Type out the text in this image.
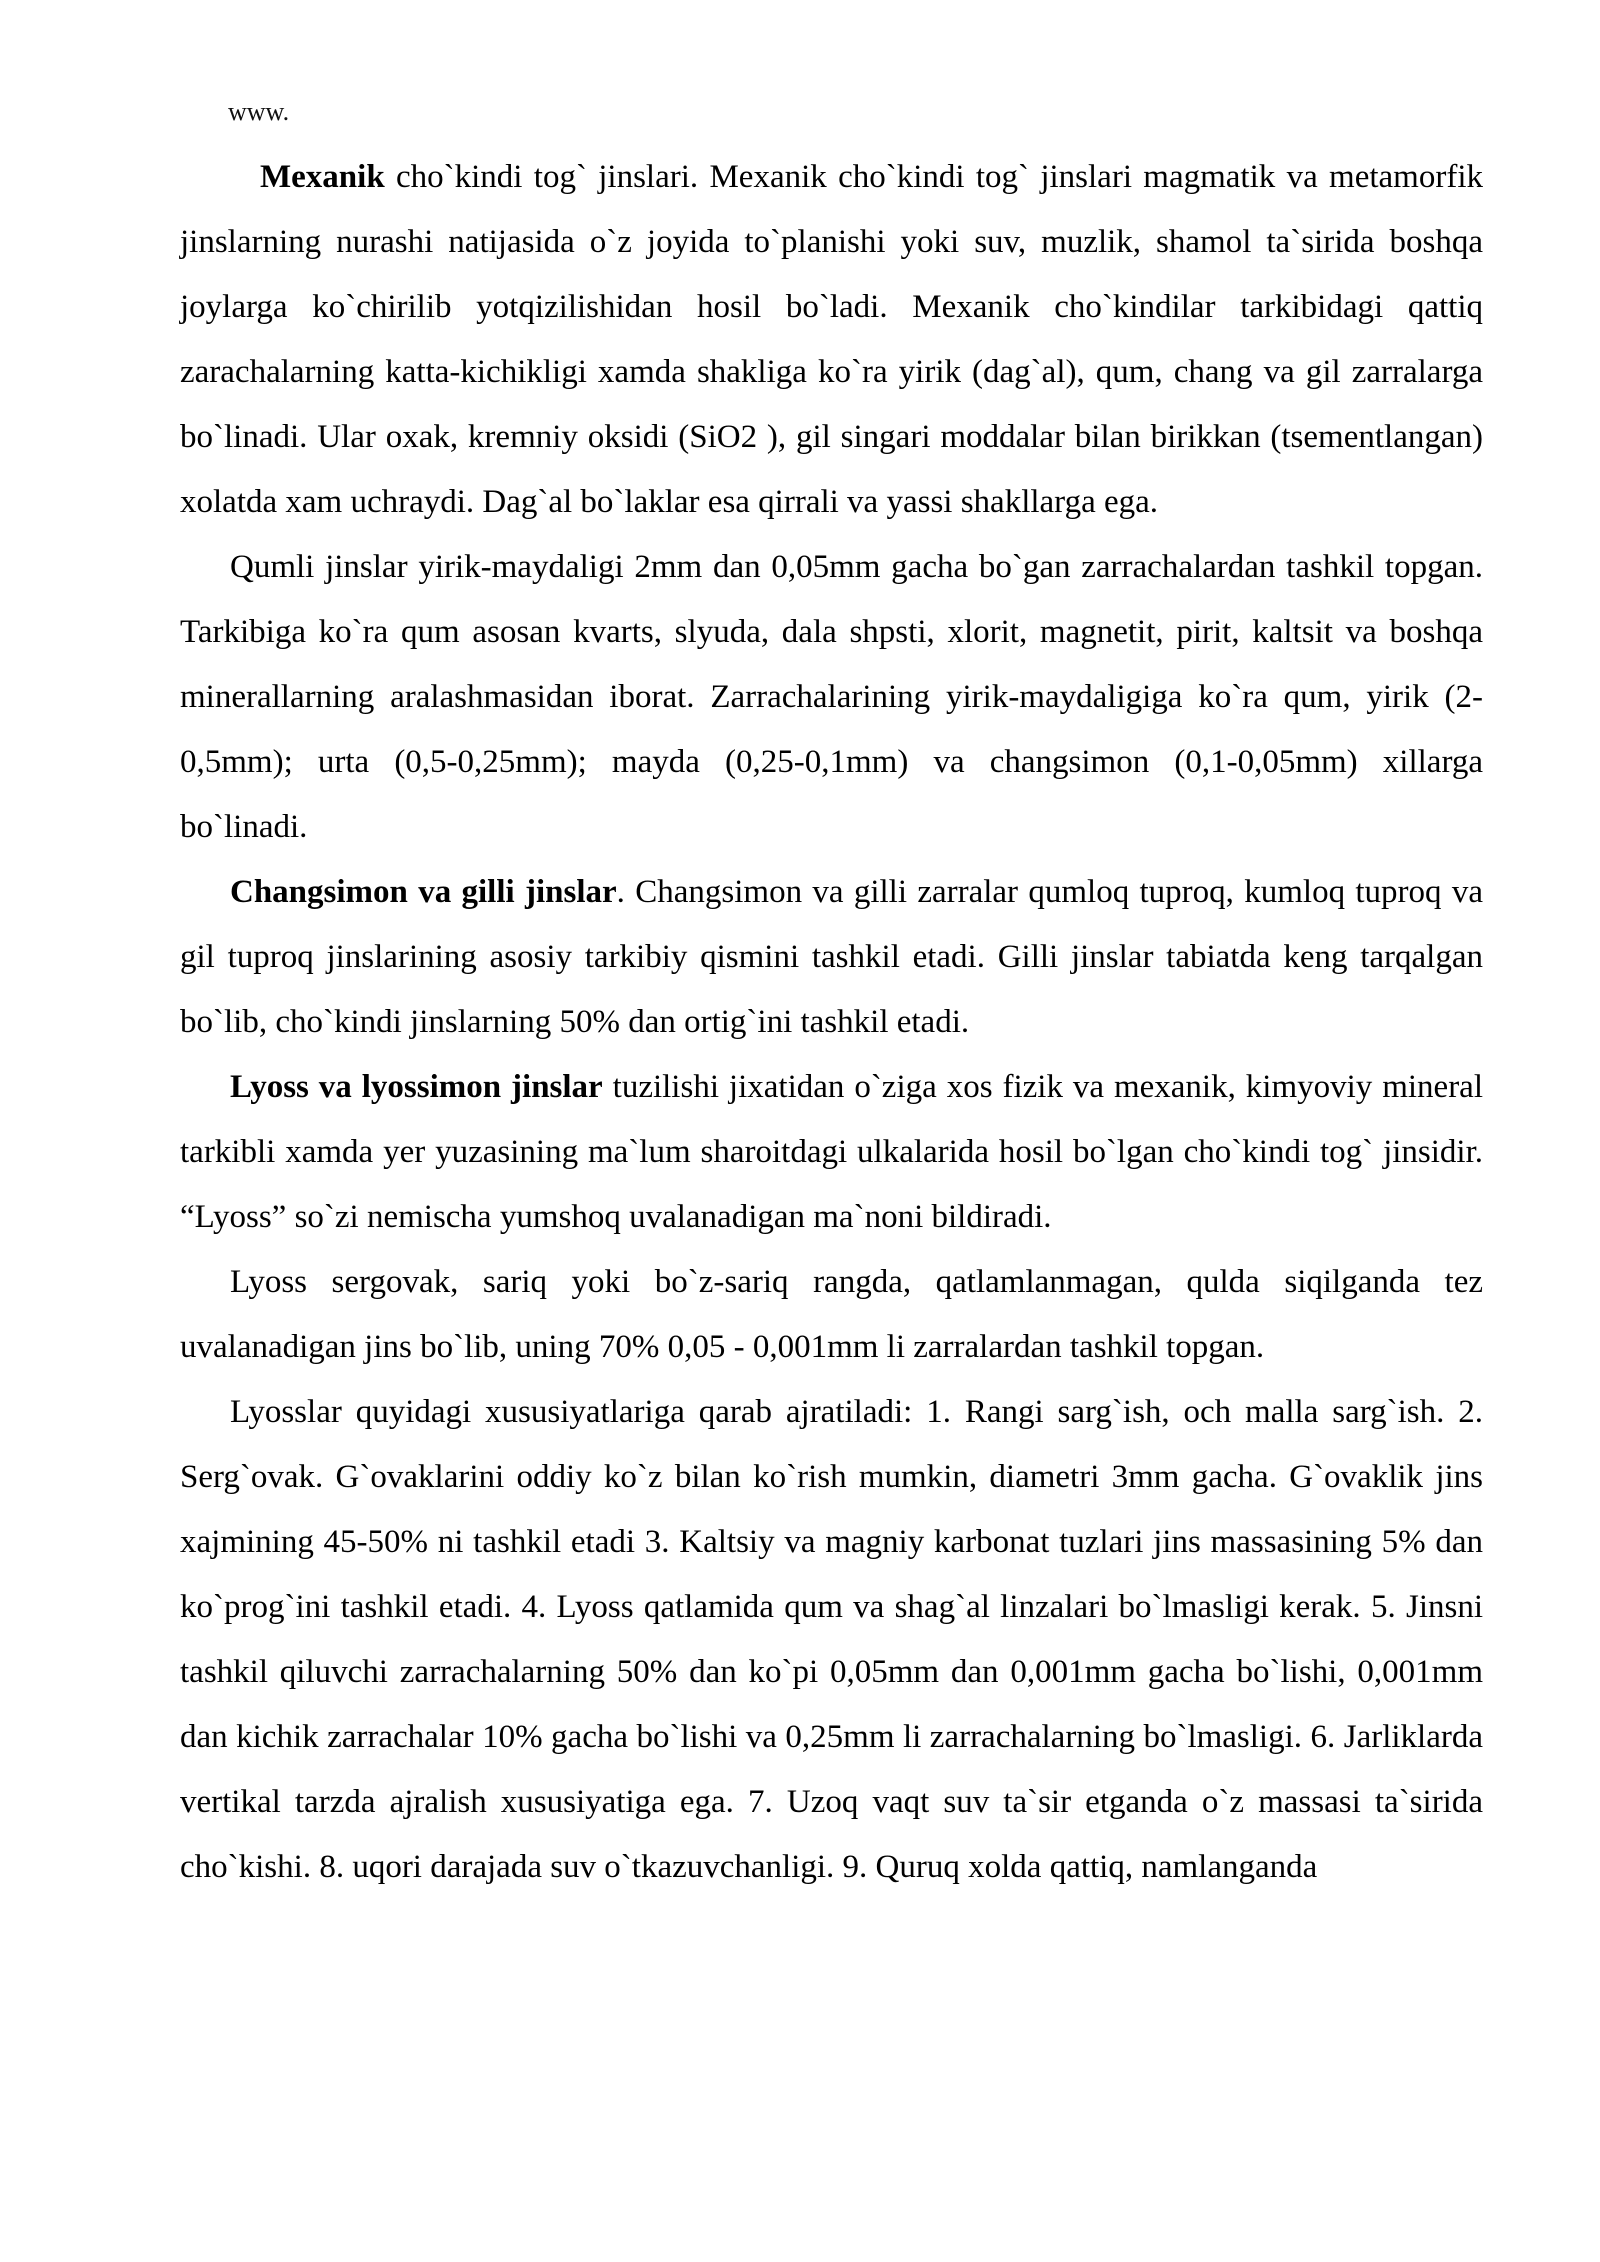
www.

Mexanik cho`kindi tog` jinslari. Mexanik cho`kindi tog` jinslari magmatik va metamorfik jinslarning nurashi natijasida o`z joyida to`planishi yoki suv, muzlik, shamol ta`sirida boshqa joylarga ko`chirilib yotqizilishidan hosil bo`ladi. Mexanik cho`kindilar tarkibidagi qattiq zarachalarning katta-kichikligi xamda shakliga ko`ra yirik (dag`al), qum, chang va gil zarralarga bo`linadi. Ular oxak, kremniy oksidi (SiO2 ), gil singari moddalar bilan birikkan (tsementlangan) xolatda xam uchraydi. Dag`al bo`laklar esa qirrali va yassi shakllarga ega.

Qumli jinslar yirik-maydaligi 2mm dan 0,05mm gacha bo`gan zarrachalardan tashkil topgan. Tarkibiga ko`ra qum asosan kvarts, slyuda, dala shpsti, xlorit, magnetit, pirit, kaltsit va boshqa minerallarning aralashmasidan iborat. Zarrachalarining yirik-maydaligiga ko`ra qum, yirik (2-0,5mm); urta (0,5-0,25mm); mayda (0,25-0,1mm) va changsimon (0,1-0,05mm) xillarga bo`linadi.

Changsimon va gilli jinslar. Changsimon va gilli zarralar qumloq tuproq, kumloq tuproq va gil tuproq jinslarining asosiy tarkibiy qismini tashkil etadi. Gilli jinslar tabiatda keng tarqalgan bo`lib, cho`kindi jinslarning 50% dan ortig`ini tashkil etadi.

Lyoss va lyossimon jinslar tuzilishi jixatidan o`ziga xos fizik va mexanik, kimyoviy mineral tarkibli xamda yer yuzasining ma`lum sharoitdagi ulkalarida hosil bo`lgan cho`kindi tog` jinsidir. “Lyoss” so`zi nemischa yumshoq uvalanadigan ma`noni bildiradi.

Lyoss sergovak, sariq yoki bo`z-sariq rangda, qatlamlanmagan, qulda siqilganda tez uvalanadigan jins bo`lib, uning 70% 0,05 - 0,001mm li zarralardan tashkil topgan.

Lyosslar quyidagi xususiyatlariga qarab ajratiladi: 1. Rangi sarg`ish, och malla sarg`ish. 2. Serg`ovak. G`ovaklarini oddiy ko`z bilan ko`rish mumkin, diametri 3mm gacha. G`ovaklik jins xajmining 45-50% ni tashkil etadi 3. Kaltsiy va magniy karbonat tuzlari jins massasining 5% dan ko`prog`ini tashkil etadi. 4. Lyoss qatlamida qum va shag`al linzalari bo`lmasligi kerak. 5. Jinsni tashkil qiluvchi zarrachalarning 50% dan ko`pi 0,05mm dan 0,001mm gacha bo`lishi, 0,001mm dan kichik zarrachalar 10% gacha bo`lishi va 0,25mm li zarrachalarning bo`lmasligi. 6. Jarliklarda vertikal tarzda ajralish xususiyatiga ega. 7. Uzoq vaqt suv ta`sir etganda o`z massasi ta`sirida cho`kishi. 8. uqori darajada suv o`tkazuvchanligi. 9. Quruq xolda qattiq, namlanganda
